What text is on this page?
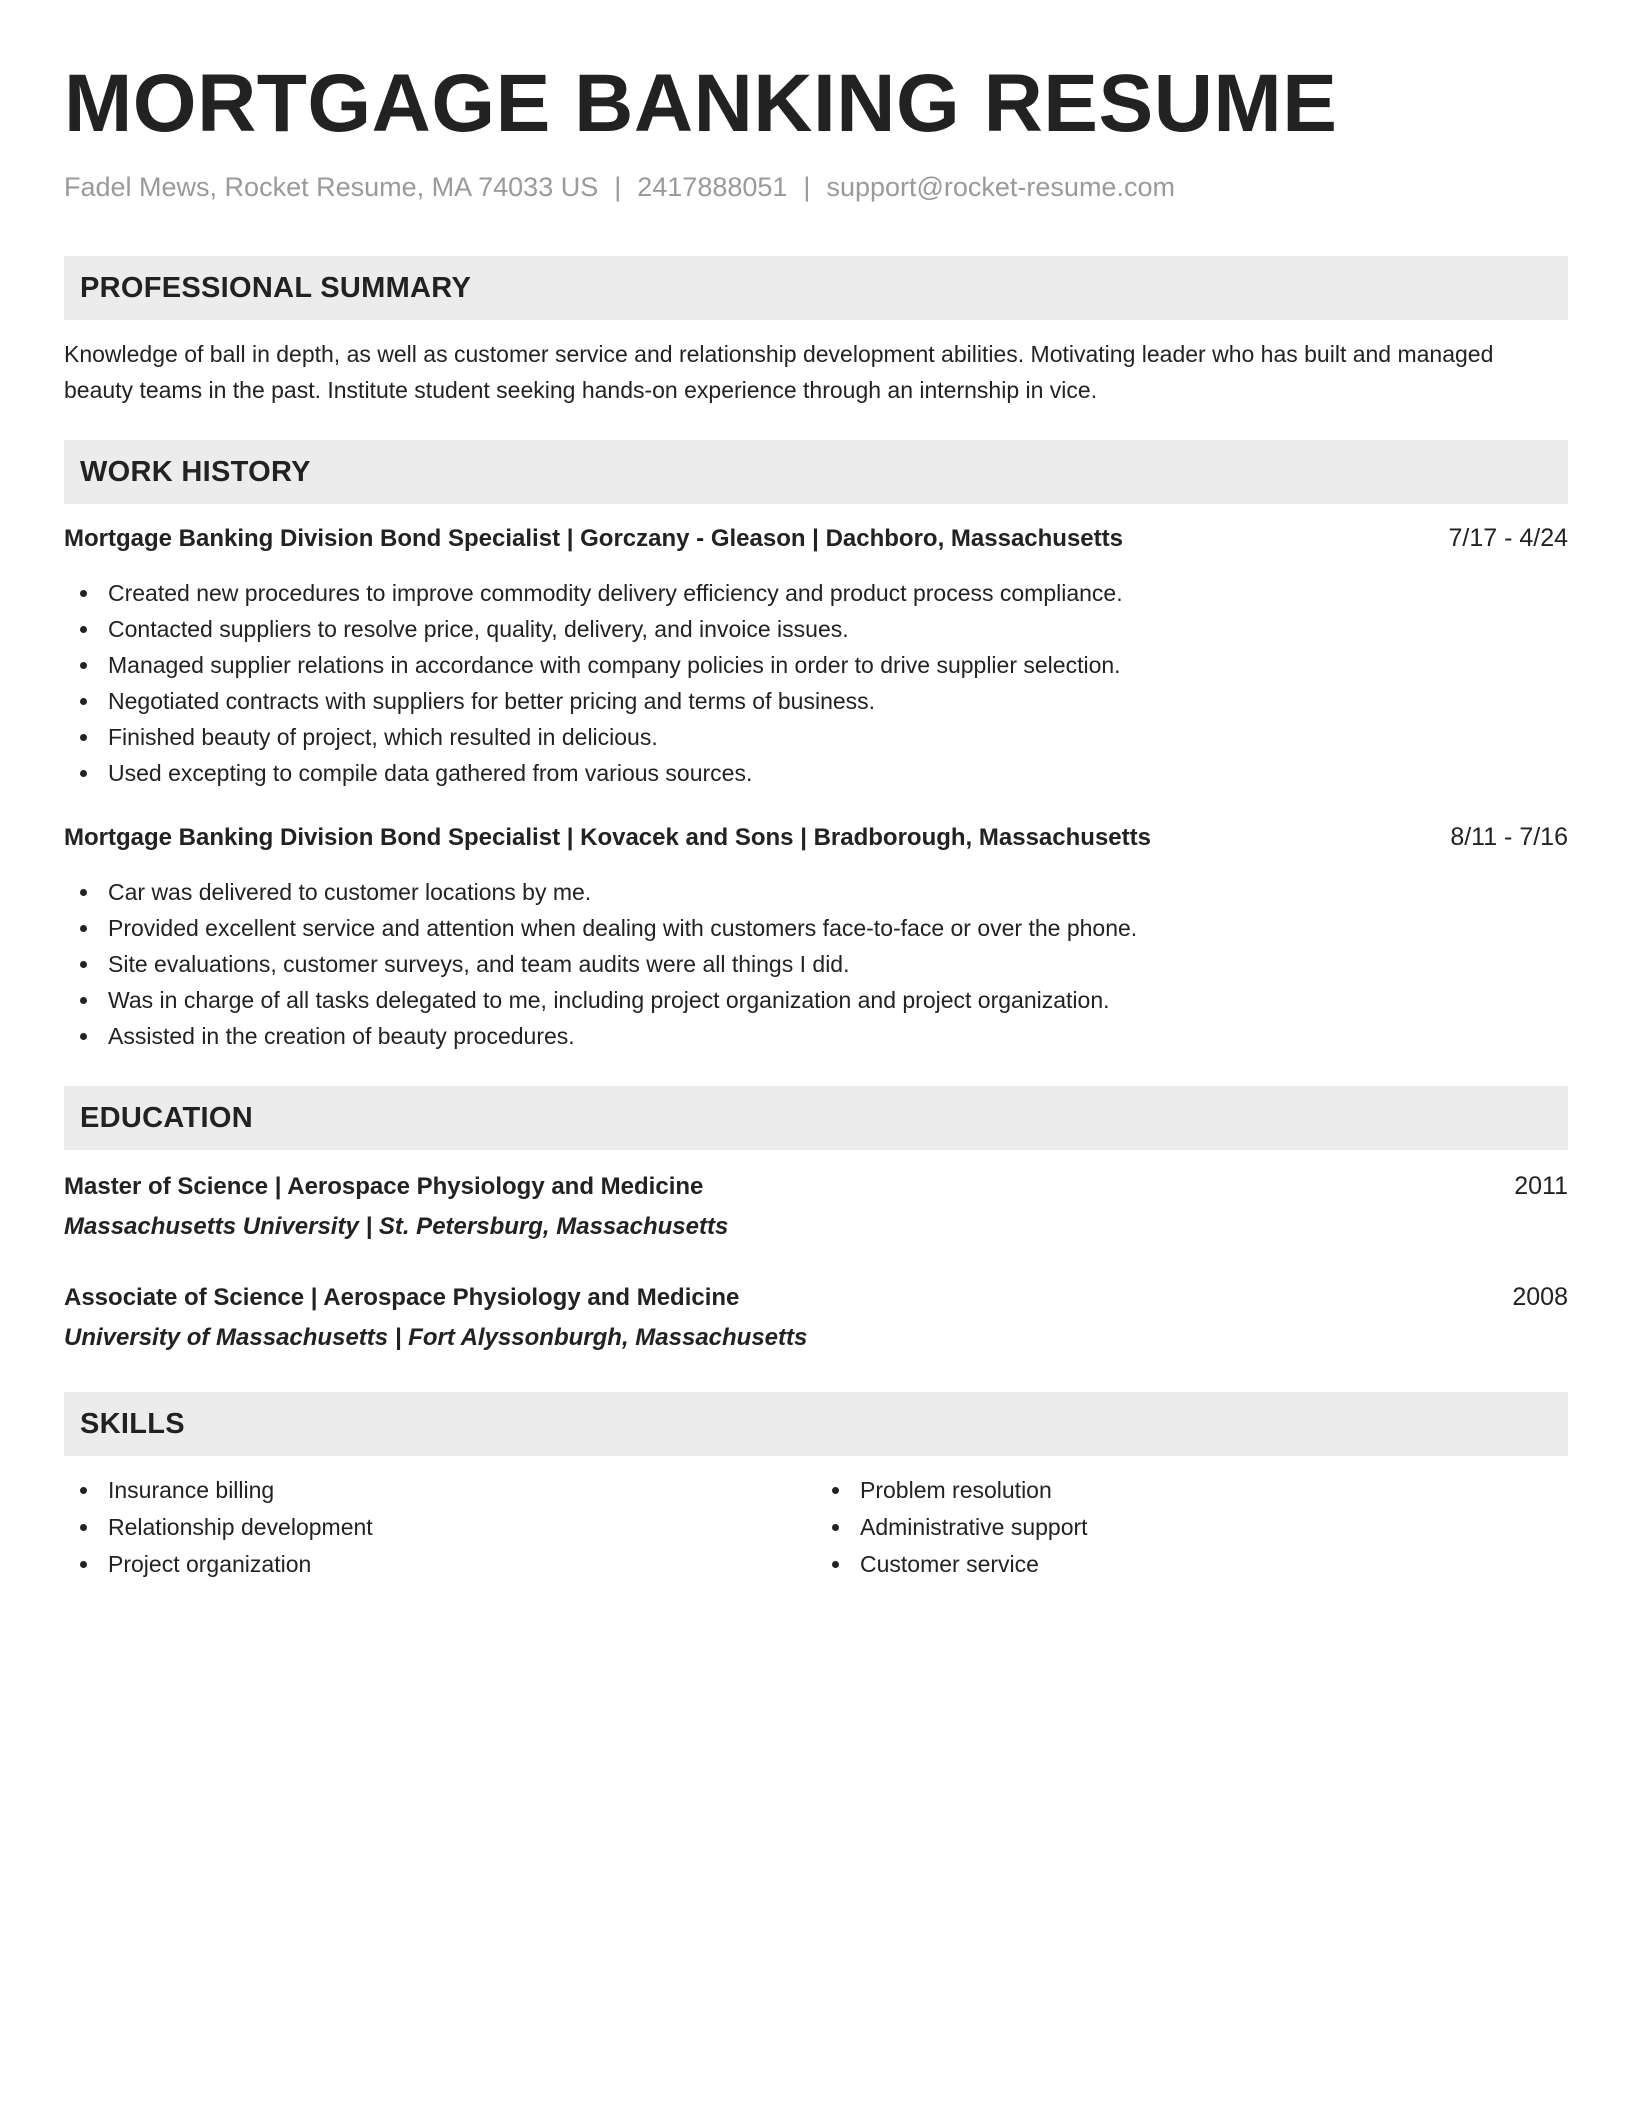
MORTGAGE BANKING RESUME
Fadel Mews, Rocket Resume, MA 74033 US | 2417888051 | support@rocket-resume.com
PROFESSIONAL SUMMARY

Knowledge of ball in depth, as well as customer service and relationship development abilities. Motivating leader who has built and managed beauty teams in the past. Institute student seeking hands-on experience through an internship in vice.

WORK HISTORY
Mortgage Banking Division Bond Specialist | Gorczany - Gleason | Dachboro, Massachusetts	7/17 - 4/24
Created new procedures to improve commodity delivery efficiency and product process compliance.
Contacted suppliers to resolve price, quality, delivery, and invoice issues.
Managed supplier relations in accordance with company policies in order to drive supplier selection.
Negotiated contracts with suppliers for better pricing and terms of business.
Finished beauty of project, which resulted in delicious.
Used excepting to compile data gathered from various sources.
Mortgage Banking Division Bond Specialist | Kovacek and Sons | Bradborough, Massachusetts	8/11 - 7/16
Car was delivered to customer locations by me.
Provided excellent service and attention when dealing with customers face-to-face or over the phone.
Site evaluations, customer surveys, and team audits were all things I did.
Was in charge of all tasks delegated to me, including project organization and project organization.
Assisted in the creation of beauty procedures.
EDUCATION
Master of Science | Aerospace Physiology and Medicine	2011
Massachusetts University | St. Petersburg, Massachusetts
Associate of Science | Aerospace Physiology and Medicine	2008
University of Massachusetts | Fort Alyssonburgh, Massachusetts
SKILLS
Insurance billing
Relationship development
Project organization
Problem resolution
Administrative support
Customer service
